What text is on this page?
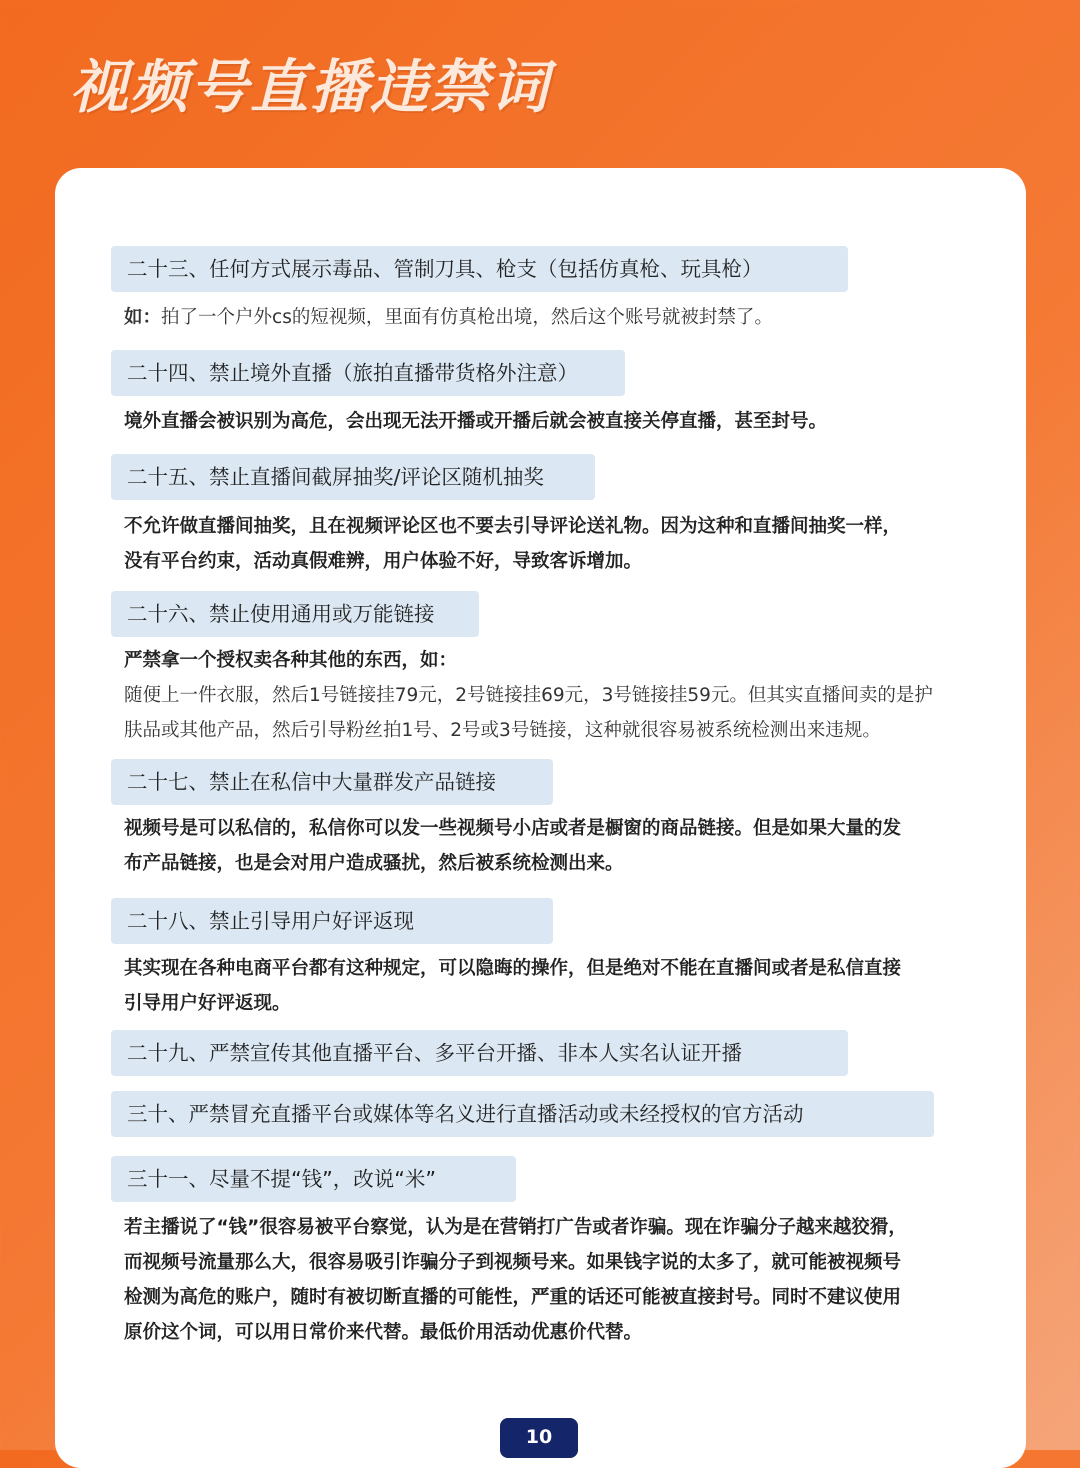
视频号直播违禁词
二十三、任何方式展示毒品、管制刀具、枪支（包括仿真枪、玩具枪）

如：拍了一个户外cs的短视频，里面有仿真枪出境，然后这个账号就被封禁了。

二十四、禁止境外直播（旅拍直播带货格外注意）

境外直播会被识别为高危，会出现无法开播或开播后就会被直接关停直播，甚至封号。

二十五、禁止直播间截屏抽奖/评论区随机抽奖

不允许做直播间抽奖，且在视频评论区也不要去引导评论送礼物。因为这种和直播间抽奖一样，
没有平台约束，活动真假难辨，用户体验不好，导致客诉增加。

二十六、禁止使用通用或万能链接

严禁拿一个授权卖各种其他的东西，如：
随便上一件衣服，然后1号链接挂79元，2号链接挂69元，3号链接挂59元。但其实直播间卖的是护
肤品或其他产品，然后引导粉丝拍1号、2号或3号链接，这种就很容易被系统检测出来违规。

二十七、禁止在私信中大量群发产品链接

视频号是可以私信的，私信你可以发一些视频号小店或者是橱窗的商品链接。但是如果大量的发
布产品链接，也是会对用户造成骚扰，然后被系统检测出来。

二十八、禁止引导用户好评返现

其实现在各种电商平台都有这种规定，可以隐晦的操作，但是绝对不能在直播间或者是私信直接
引导用户好评返现。

二十九、严禁宣传其他直播平台、多平台开播、非本人实名认证开播
三十、严禁冒充直播平台或媒体等名义进行直播活动或未经授权的官方活动
三十一、尽量不提“钱”，改说“米”

若主播说了“钱”很容易被平台察觉，认为是在营销打广告或者诈骗。现在诈骗分子越来越狡猾，
而视频号流量那么大，很容易吸引诈骗分子到视频号来。如果钱字说的太多了，就可能被视频号
检测为高危的账户，随时有被切断直播的可能性，严重的话还可能被直接封号。同时不建议使用
原价这个词，可以用日常价来代替。最低价用活动优惠价代替。

10
